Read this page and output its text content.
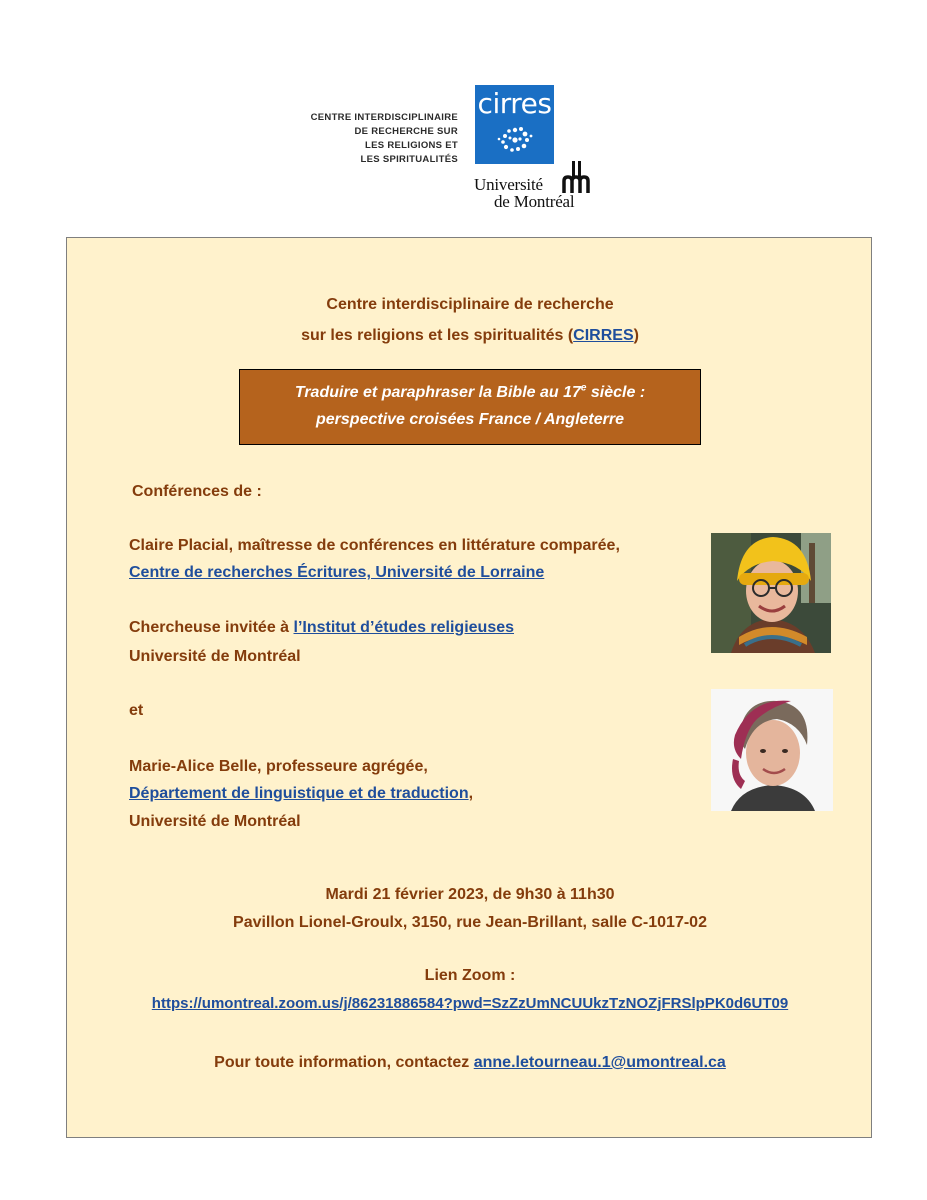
CENTRE INTERDISCIPLINAIRE
DE RECHERCHE SUR
LES RELIGIONS ET
LES SPIRITUALITÉS
cirres
Université
de Montréal
Centre interdisciplinaire de recherche
sur les religions et les spiritualités (CIRRES)
Traduire et paraphraser la Bible au 17e siècle :
perspective croisées France / Angleterre
Conférences de :
Claire Placial, maîtresse de conférences en littérature comparée,
Centre de recherches Écritures, Université de Lorraine
Chercheuse invitée à l’Institut d’études religieuses
Université de Montréal
et
Marie-Alice Belle, professeure agrégée,
Département de linguistique et de traduction,
Université de Montréal
Mardi 21 février 2023, de 9h30 à 11h30
Pavillon Lionel-Groulx, 3150, rue Jean-Brillant, salle C-1017-02
Lien Zoom :
https://umontreal.zoom.us/j/86231886584?pwd=SzZzUmNCUUkzTzNOZjFRSlpPK0d6UT09
Pour toute information, contactez anne.letourneau.1@umontreal.ca
